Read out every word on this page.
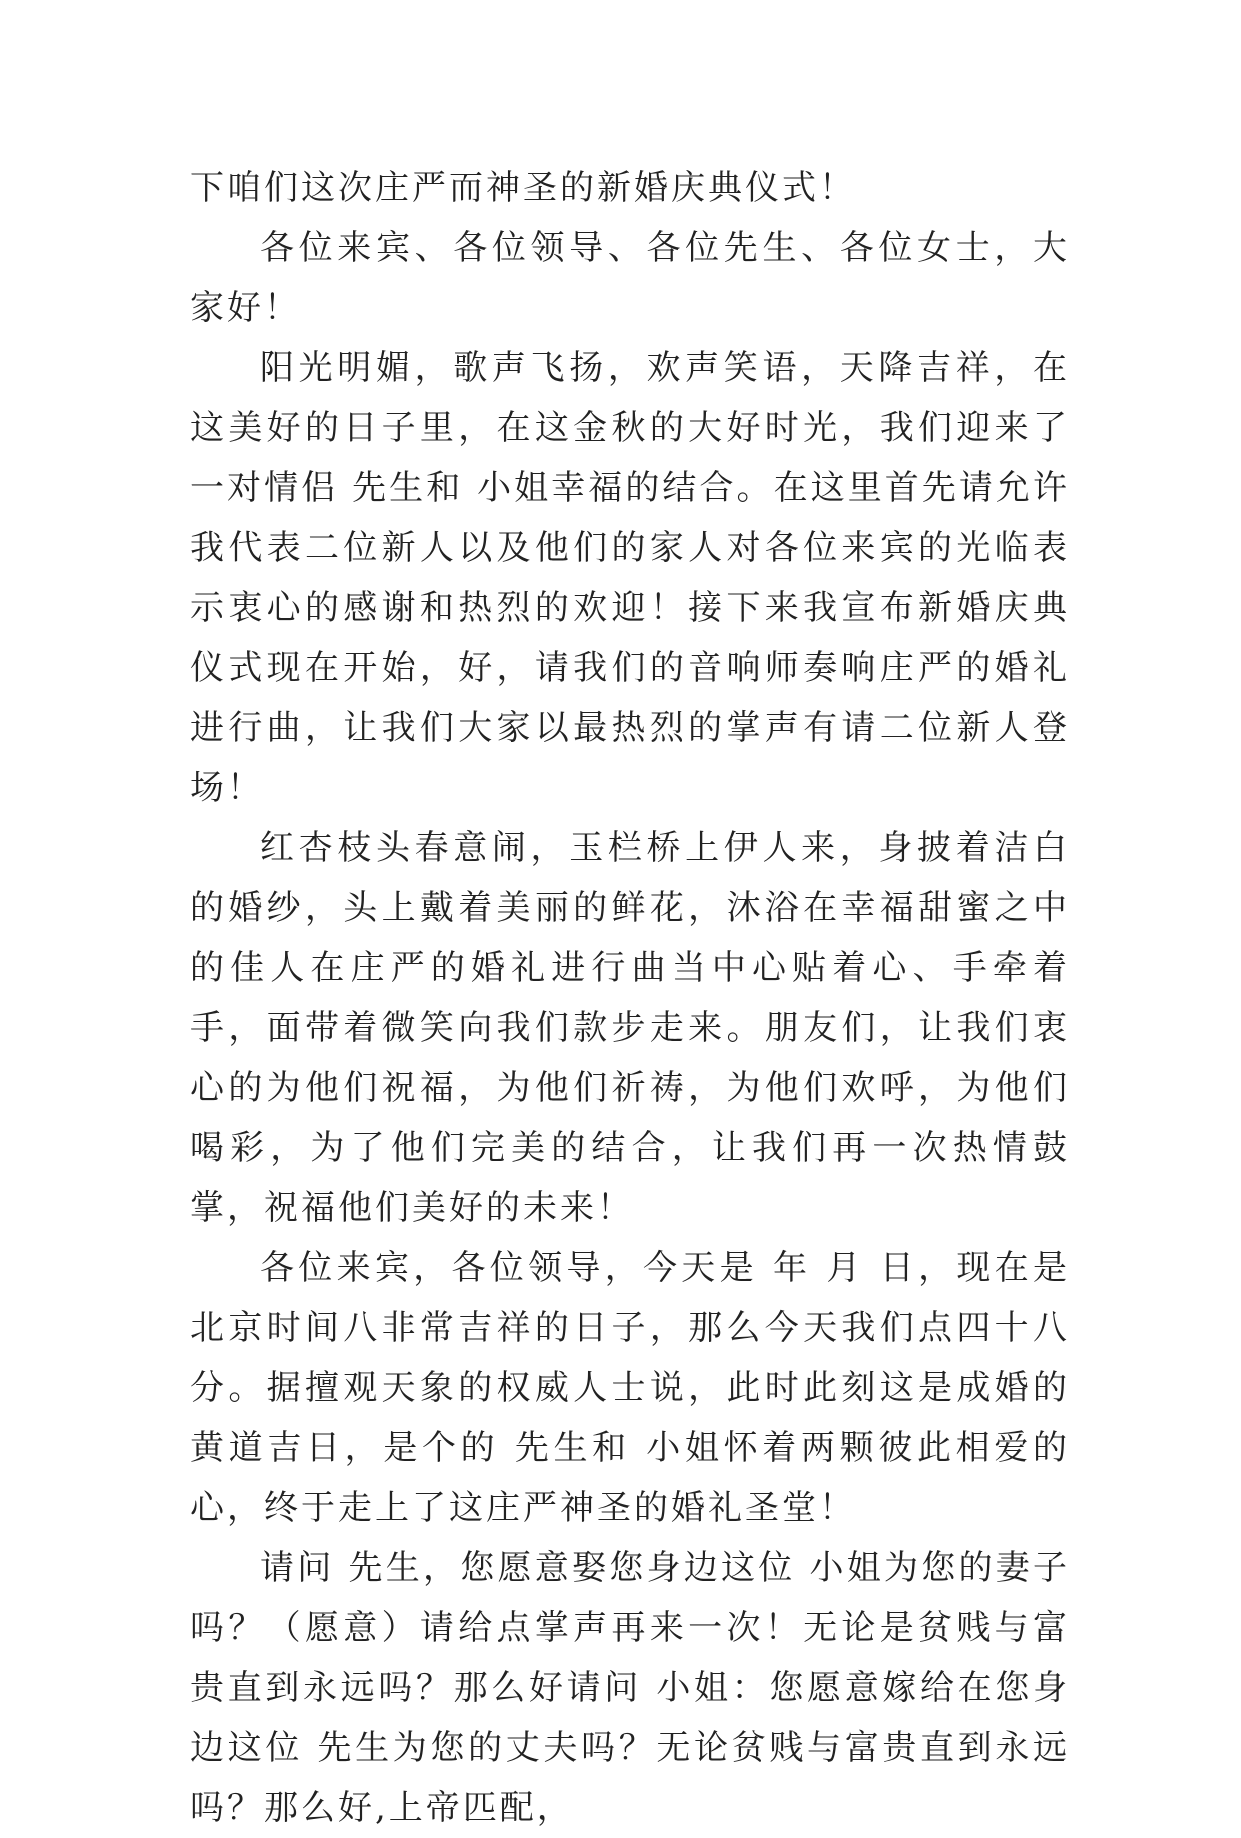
下咱们这次庄严而神圣的新婚庆典仪式！

各位来宾、各位领导、各位先生、各位女士，大家好！

阳光明媚，歌声飞扬，欢声笑语，天降吉祥，在这美好的日子里，在这金秋的大好时光，我们迎来了一对情侣 先生和 小姐幸福的结合。在这里首先请允许我代表二位新人以及他们的家人对各位来宾的光临表示衷心的感谢和热烈的欢迎！接下来我宣布新婚庆典仪式现在开始，好，请我们的音响师奏响庄严的婚礼进行曲，让我们大家以最热烈的掌声有请二位新人登场！

红杏枝头春意闹，玉栏桥上伊人来，身披着洁白的婚纱，头上戴着美丽的鲜花，沐浴在幸福甜蜜之中的佳人在庄严的婚礼进行曲当中心贴着心、手牵着手，面带着微笑向我们款步走来。朋友们，让我们衷心的为他们祝福，为他们祈祷，为他们欢呼，为他们喝彩，为了他们完美的结合，让我们再一次热情鼓掌，祝福他们美好的未来！

各位来宾，各位领导，今天是 年 月 日，现在是北京时间八非常吉祥的日子，那么今天我们点四十八分。据擅观天象的权威人士说，此时此刻这是成婚的黄道吉日，是个的 先生和 小姐怀着两颗彼此相爱的心，终于走上了这庄严神圣的婚礼圣堂！

请问 先生，您愿意娶您身边这位 小姐为您的妻子吗？（愿意）请给点掌声再来一次！无论是贫贱与富贵直到永远吗？那么好请问 小姐：您愿意嫁给在您身边这位 先生为您的丈夫吗？无论贫贱与富贵直到永远吗？那么好,上帝匹配，
